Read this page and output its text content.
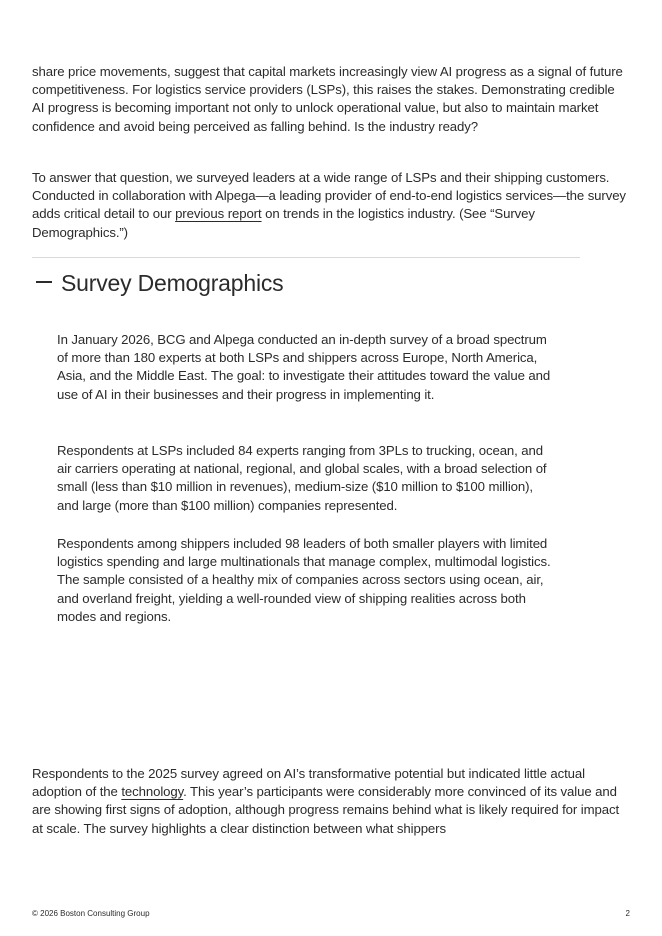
share price movements, suggest that capital markets increasingly view AI progress as a signal of future competitiveness. For logistics service providers (LSPs), this raises the stakes. Demonstrating credible AI progress is becoming important not only to unlock operational value, but also to maintain market confidence and avoid being perceived as falling behind. Is the industry ready?

To answer that question, we surveyed leaders at a wide range of LSPs and their shipping customers. Conducted in collaboration with Alpega—a leading provider of end-to-end logistics services—the survey adds critical detail to our previous report on trends in the logistics industry. (See “Survey Demographics.”)

Survey Demographics

In January 2026, BCG and Alpega conducted an in-depth survey of a broad spectrum of more than 180 experts at both LSPs and shippers across Europe, North America, Asia, and the Middle East. The goal: to investigate their attitudes toward the value and use of AI in their businesses and their progress in implementing it.

Respondents at LSPs included 84 experts ranging from 3PLs to trucking, ocean, and air carriers operating at national, regional, and global scales, with a broad selection of small (less than $10 million in revenues), medium-size ($10 million to $100 million), and large (more than $100 million) companies represented.

Respondents among shippers included 98 leaders of both smaller players with limited logistics spending and large multinationals that manage complex, multimodal logistics. The sample consisted of a healthy mix of companies across sectors using ocean, air, and overland freight, yielding a well-rounded view of shipping realities across both modes and regions.

Respondents to the 2025 survey agreed on AI’s transformative potential but indicated little actual adoption of the technology. This year’s participants were considerably more convinced of its value and are showing first signs of adoption, although progress remains behind what is likely required for impact at scale. The survey highlights a clear distinction between what shippers

© 2026 Boston Consulting Group	2
